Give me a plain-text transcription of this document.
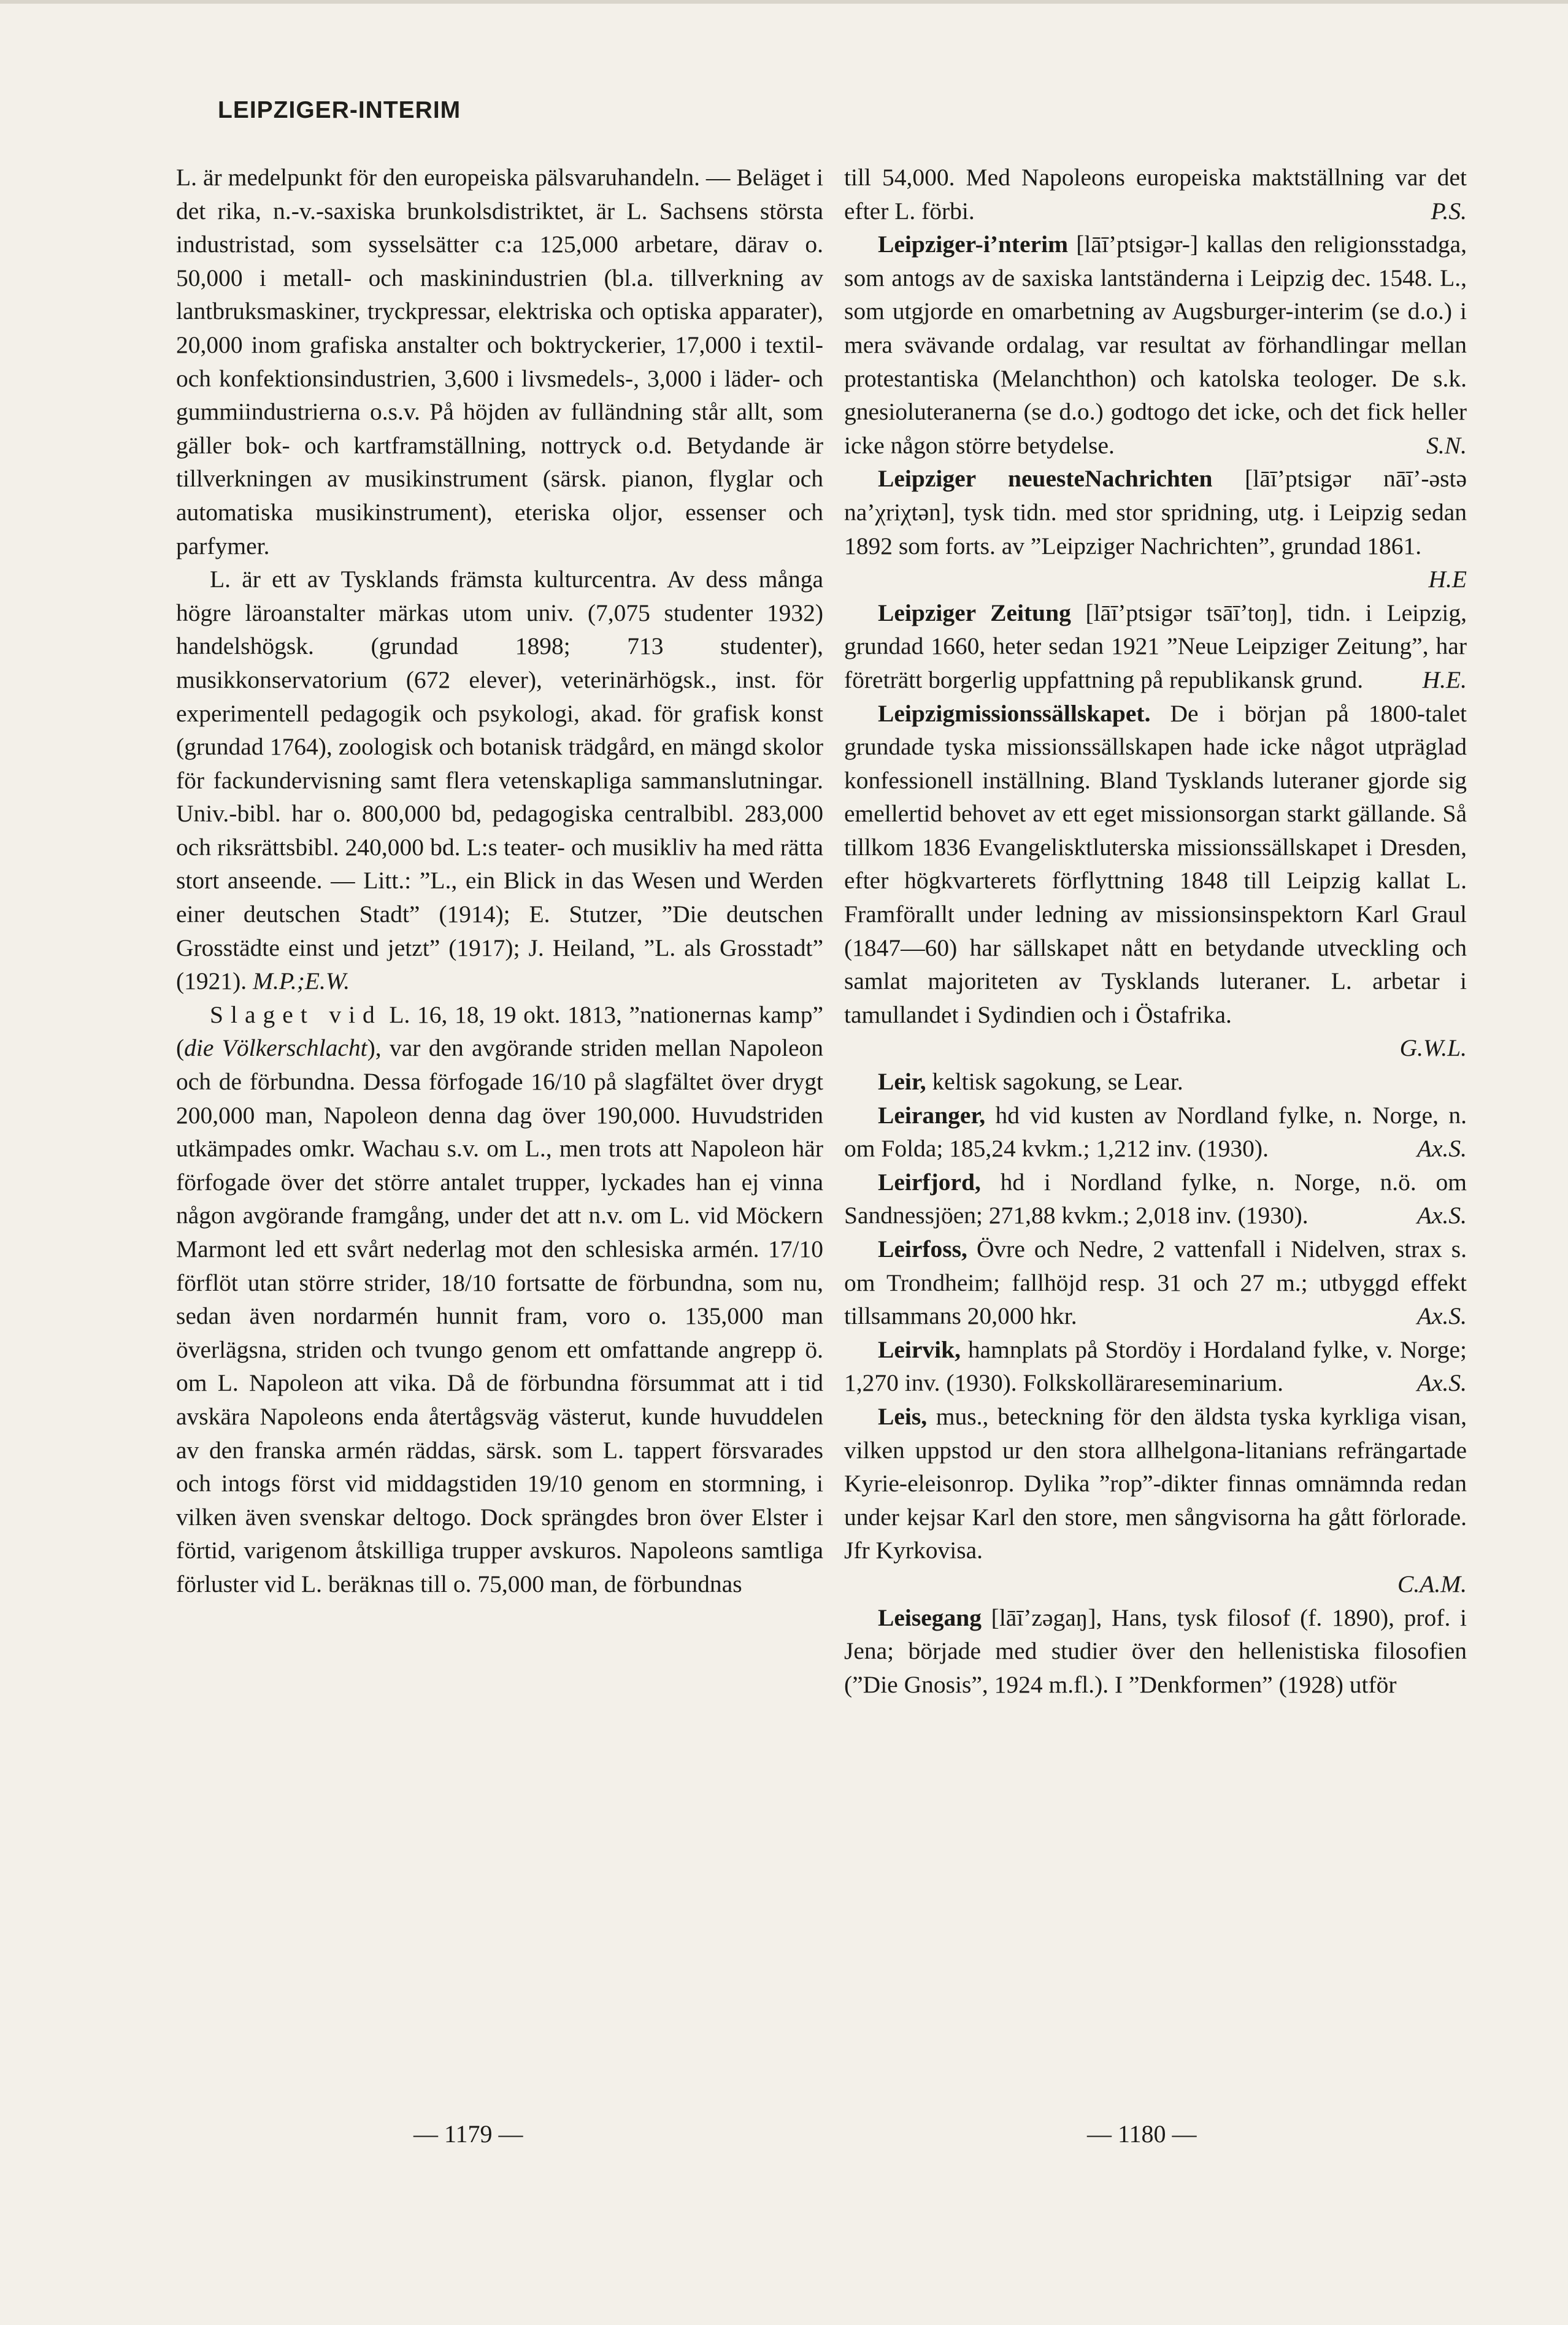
LEIPZIGER-INTERIM

L. är medelpunkt för den europeiska pälsvaruhandeln. — Beläget i det rika, n.-v.-saxiska brunkolsdistriktet, är L. Sachsens största industristad, som sysselsätter c:a 125,000 arbetare, därav o. 50,000 i metall- och maskinindustrien (bl.a. tillverkning av lantbruksmaskiner, tryckpressar, elektriska och optiska apparater), 20,000 inom grafiska anstalter och boktryckerier, 17,000 i textil- och konfektionsindustrien, 3,600 i livsmedels-, 3,000 i läder- och gummiindustrierna o.s.v. På höjden av fulländning står allt, som gäller bok- och kartframställning, nottryck o.d. Betydande är tillverkningen av musikinstrument (särsk. pianon, flyglar och automatiska musikinstrument), eteriska oljor, essenser och parfymer.

L. är ett av Tysklands främsta kulturcentra. Av dess många högre läroanstalter märkas utom univ. (7,075 studenter 1932) handelshögsk. (grundad 1898; 713 studenter), musikkonservatorium (672 elever), veterinärhögsk., inst. för experimentell pedagogik och psykologi, akad. för grafisk konst (grundad 1764), zoologisk och botanisk trädgård, en mängd skolor för fackundervisning samt flera vetenskapliga sammanslutningar. Univ.-bibl. har o. 800,000 bd, pedagogiska centralbibl. 283,000 och riksrättsbibl. 240,000 bd. L:s teater- och musikliv ha med rätta stort anseende. — Litt.: ”L., ein Blick in das Wesen und Werden einer deutschen Stadt” (1914); E. Stutzer, ”Die deutschen Grosstädte einst und jetzt” (1917); J. Heiland, ”L. als Grosstadt” (1921). M.P.;E.W.

Slaget vid L. 16, 18, 19 okt. 1813, ”nationernas kamp” (die Völkerschlacht), var den avgörande striden mellan Napoleon och de förbundna. Dessa förfogade 16/10 på slagfältet över drygt 200,000 man, Napoleon denna dag över 190,000. Huvudstriden utkämpades omkr. Wachau s.v. om L., men trots att Napoleon här förfogade över det större antalet trupper, lyckades han ej vinna någon avgörande framgång, under det att n.v. om L. vid Möckern Marmont led ett svårt nederlag mot den schlesiska armén. 17/10 förflöt utan större strider, 18/10 fortsatte de förbundna, som nu, sedan även nordarmén hunnit fram, voro o. 135,000 man överlägsna, striden och tvungo genom ett omfattande angrepp ö. om L. Napoleon att vika. Då de förbundna försummat att i tid avskära Napoleons enda återtågsväg västerut, kunde huvuddelen av den franska armén räddas, särsk. som L. tappert försvarades och intogs först vid middagstiden 19/10 genom en stormning, i vilken även svenskar deltogo. Dock sprängdes bron över Elster i förtid, varigenom åtskilliga trupper avskuros. Napoleons samtliga förluster vid L. beräknas till o. 75,000 man, de förbundnas

till 54,000. Med Napoleons europeiska maktställning var det efter L. förbi.	P.S.

Leipziger-i’nterim [lāī’ptsigər-] kallas den religionsstadga, som antogs av de saxiska lantständerna i Leipzig dec. 1548. L., som utgjorde en omarbetning av Augsburger-interim (se d.o.) i mera svävande ordalag, var resultat av förhandlingar mellan protestantiska (Melanchthon) och katolska teologer. De s.k. gnesioluteranerna (se d.o.) godtogo det icke, och det fick heller icke någon större betydelse.	S.N.

Leipziger neuesteNachrichten [lāī’ptsigər nāī’-əstə na’χriχtən], tysk tidn. med stor spridning, utg. i Leipzig sedan 1892 som forts. av ”Leipziger Nachrichten”, grundad 1861.
H.E

Leipziger Zeitung [lāī’ptsigər tsāī’toŋ], tidn. i Leipzig, grundad 1660, heter sedan 1921 ”Neue Leipziger Zeitung”, har företrätt borgerlig uppfattning på republikansk grund.	H.E.

Leipzigmissionssällskapet. De i början på 1800-talet grundade tyska missionssällskapen hade icke något utpräglad konfessionell inställning. Bland Tysklands luteraner gjorde sig emellertid behovet av ett eget missionsorgan starkt gällande. Så tillkom 1836 Evangelisktluterska missionssällskapet i Dresden, efter högkvarterets förflyttning 1848 till Leipzig kallat L. Framförallt under ledning av missionsinspektorn Karl Graul (1847—60) har sällskapet nått en betydande utveckling och samlat majoriteten av Tysklands luteraner. L. arbetar i tamullandet i Sydindien och i Östafrika.

G.W.L.

Leir, keltisk sagokung, se Lear.

Leiranger, hd vid kusten av Nordland fylke, n. Norge, n. om Folda; 185,24 kvkm.; 1,212 inv. (1930).	Ax.S.

Leirfjord, hd i Nordland fylke, n. Norge, n.ö. om Sandnessjöen; 271,88 kvkm.; 2,018 inv. (1930).	Ax.S.

Leirfoss, Övre och Nedre, 2 vattenfall i Nidelven, strax s. om Trondheim; fallhöjd resp. 31 och 27 m.; utbyggd effekt tillsammans 20,000 hkr.	Ax.S.

Leirvik, hamnplats på Stordöy i Hordaland fylke, v. Norge; 1,270 inv. (1930). Folkskollärareseminarium.	Ax.S.

Leis, mus., beteckning för den äldsta tyska kyrkliga visan, vilken uppstod ur den stora allhelgona-litanians refrängartade Kyrie-eleisonrop. Dylika ”rop”-dikter finnas omnämnda redan under kejsar Karl den store, men sångvisorna ha gått förlorade. Jfr Kyrkovisa.

C.A.M.

Leisegang [lāī’zəgaŋ], Hans, tysk filosof (f. 1890), prof. i Jena; började med studier över den hellenistiska filosofien (”Die Gnosis”, 1924 m.fl.). I ”Denkformen” (1928) utför

— 1179 —	— 1180 —
